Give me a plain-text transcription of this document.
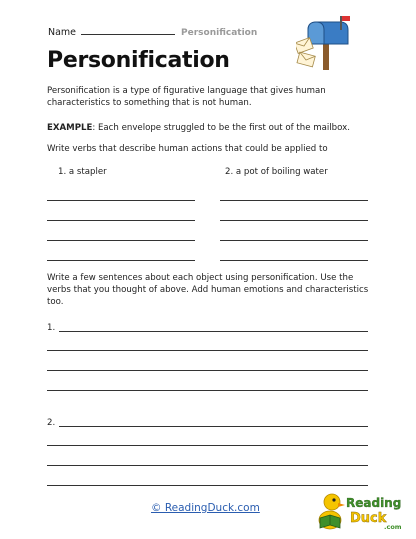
Name	Personification
Personification
Personification is a type of figurative language that gives human characteristics to something that is not human.
EXAMPLE: Each envelope struggled to be the first out of the mailbox.
Write verbs that describe human actions that could be applied to
1. a stapler	2. a pot of boiling water
Write a few sentences about each object using personification. Use the verbs that you thought of above. Add human emotions and characteristics too.
1.
2.
© ReadingDuck.com	Reading
Duck
.com
